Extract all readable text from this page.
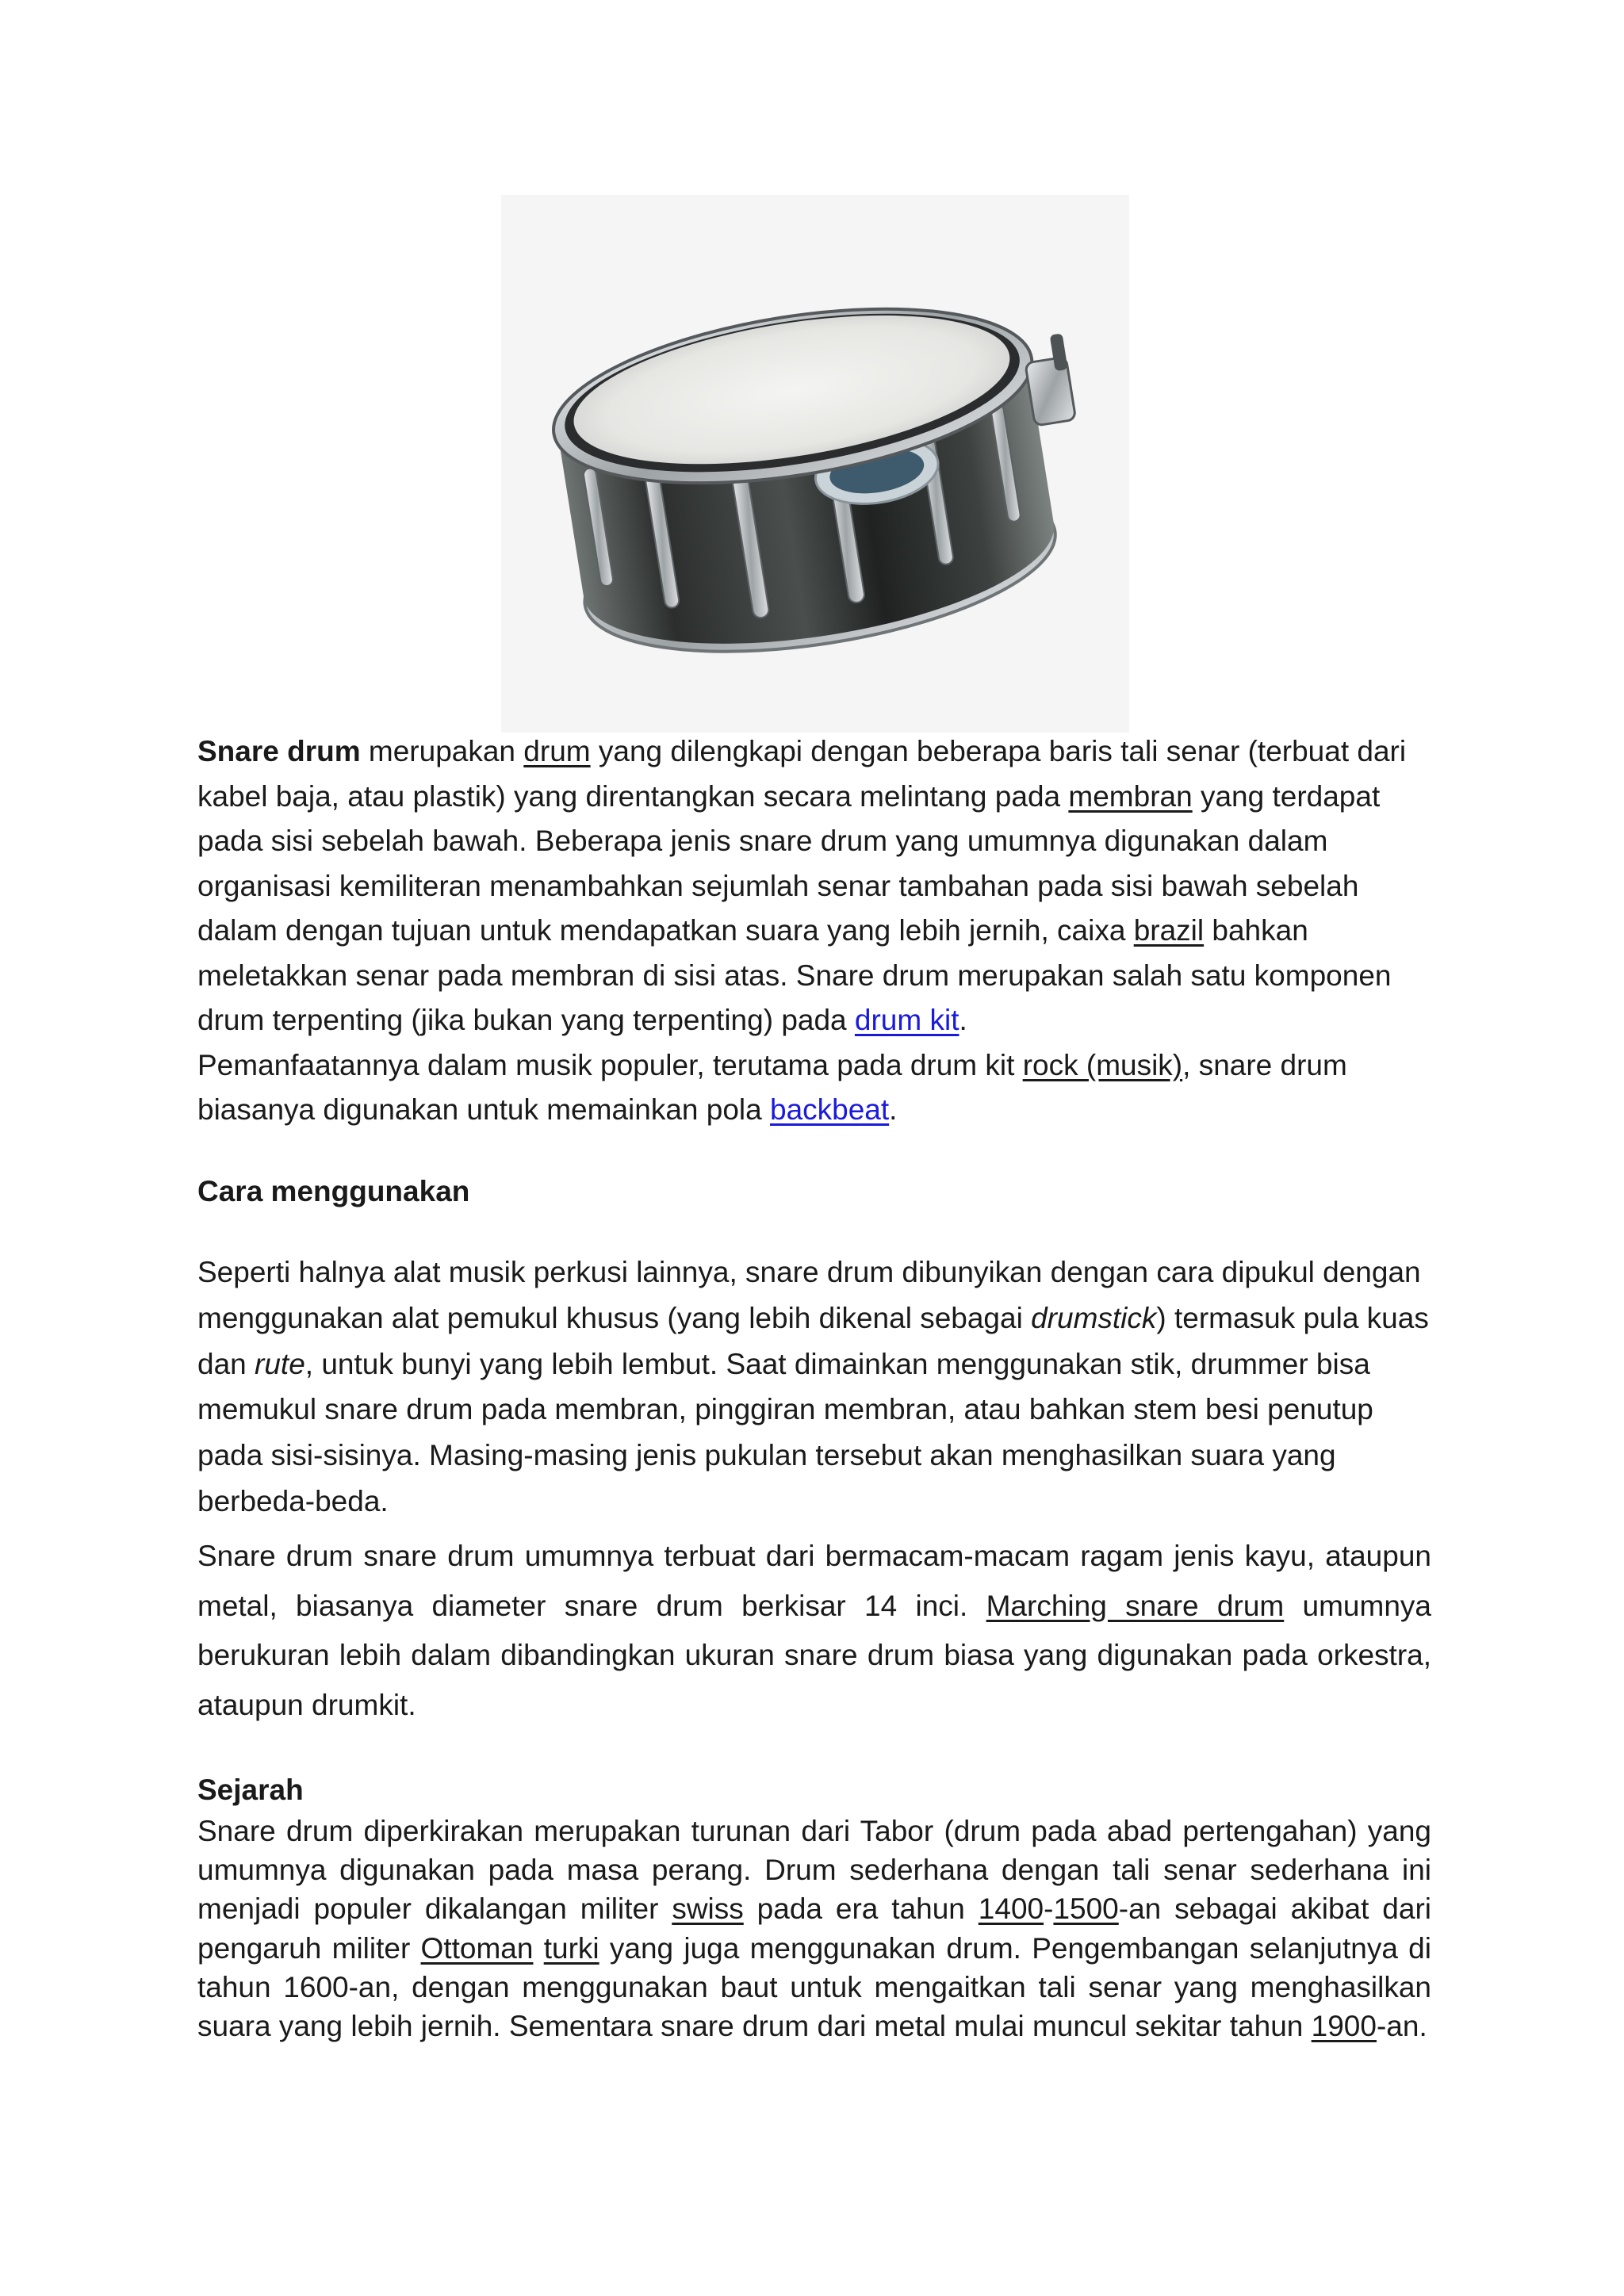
Snare drum merupakan drum yang dilengkapi dengan beberapa baris tali senar (terbuat dari kabel baja, atau plastik) yang direntangkan secara melintang pada membran yang terdapat pada sisi sebelah bawah. Beberapa jenis snare drum yang umumnya digunakan dalam organisasi kemiliteran menambahkan sejumlah senar tambahan pada sisi bawah sebelah dalam dengan tujuan untuk mendapatkan suara yang lebih jernih, caixa brazil bahkan meletakkan senar pada membran di sisi atas. Snare drum merupakan salah satu komponen drum terpenting (jika bukan yang terpenting) pada drum kit.
Pemanfaatannya dalam musik populer, terutama pada drum kit rock (musik), snare drum biasanya digunakan untuk memainkan pola backbeat.
Cara menggunakan
Seperti halnya alat musik perkusi lainnya, snare drum dibunyikan dengan cara dipukul dengan menggunakan alat pemukul khusus (yang lebih dikenal sebagai drumstick) termasuk pula kuas dan rute, untuk bunyi yang lebih lembut. Saat dimainkan menggunakan stik, drummer bisa memukul snare drum pada membran, pinggiran membran, atau bahkan stem besi penutup pada sisi-sisinya. Masing-masing jenis pukulan tersebut akan menghasilkan suara yang berbeda-beda.
Snare drum snare drum umumnya terbuat dari bermacam-macam ragam jenis kayu, ataupun metal, biasanya diameter snare drum berkisar 14 inci. Marching snare drum umumnya berukuran lebih dalam dibandingkan ukuran snare drum biasa yang digunakan pada orkestra, ataupun drumkit.
Sejarah
Snare drum diperkirakan merupakan turunan dari Tabor (drum pada abad pertengahan) yang umumnya digunakan pada masa perang. Drum sederhana dengan tali senar sederhana ini menjadi populer dikalangan militer swiss pada era tahun 1400-1500-an sebagai akibat dari pengaruh militer Ottoman turki yang juga menggunakan drum. Pengembangan selanjutnya di tahun 1600-an, dengan menggunakan baut untuk mengaitkan tali senar yang menghasilkan suara yang lebih jernih. Sementara snare drum dari metal mulai muncul sekitar tahun 1900-an.
